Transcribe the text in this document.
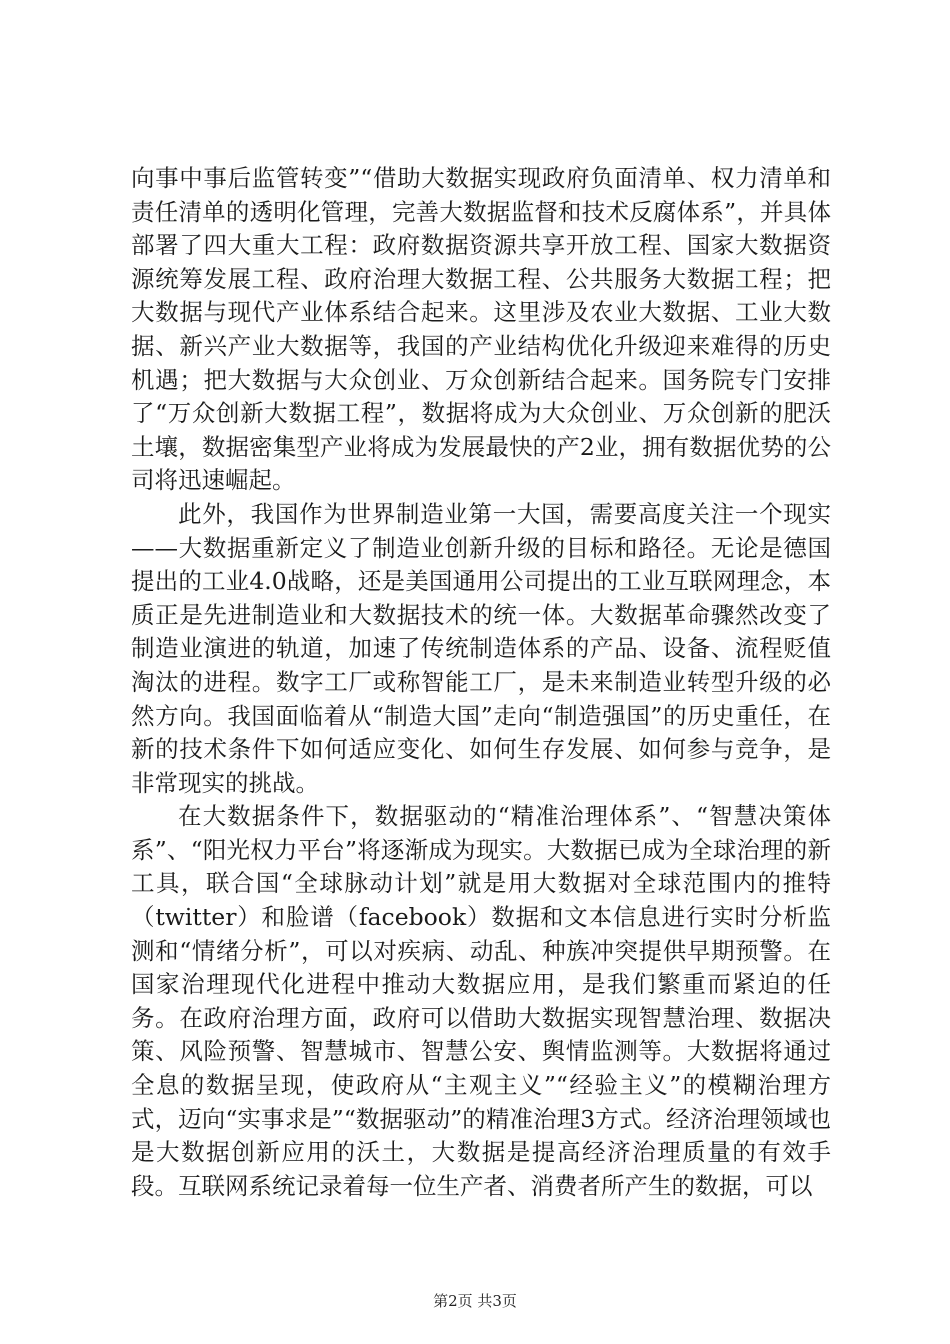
向事中事后监管转变”“借助大数据实现政府负面清单、权力清单和责任清单的透明化管理，完善大数据监督和技术反腐体系”，并具体部署了四大重大工程：政府数据资源共享开放工程、国家大数据资源统筹发展工程、政府治理大数据工程、公共服务大数据工程；把大数据与现代产业体系结合起来。这里涉及农业大数据、工业大数据、新兴产业大数据等，我国的产业结构优化升级迎来难得的历史机遇；把大数据与大众创业、万众创新结合起来。国务院专门安排了“万众创新大数据工程”，数据将成为大众创业、万众创新的肥沃土壤，数据密集型产业将成为发展最快的产2业，拥有数据优势的公司将迅速崛起。

此外，我国作为世界制造业第一大国，需要高度关注一个现实——大数据重新定义了制造业创新升级的目标和路径。无论是德国提出的工业4.0战略，还是美国通用公司提出的工业互联网理念，本质正是先进制造业和大数据技术的统一体。大数据革命骤然改变了制造业演进的轨道，加速了传统制造体系的产品、设备、流程贬值淘汰的进程。数字工厂或称智能工厂，是未来制造业转型升级的必然方向。我国面临着从“制造大国”走向“制造强国”的历史重任，在新的技术条件下如何适应变化、如何生存发展、如何参与竞争，是非常现实的挑战。

在大数据条件下，数据驱动的“精准治理体系”、“智慧决策体系”、“阳光权力平台”将逐渐成为现实。大数据已成为全球治理的新工具，联合国“全球脉动计划”就是用大数据对全球范围内的推特（twitter）和脸谱（facebook）数据和文本信息进行实时分析监测和“情绪分析”，可以对疾病、动乱、种族冲突提供早期预警。在国家治理现代化进程中推动大数据应用，是我们繁重而紧迫的任务。在政府治理方面，政府可以借助大数据实现智慧治理、数据决策、风险预警、智慧城市、智慧公安、舆情监测等。大数据将通过全息的数据呈现，使政府从“主观主义”“经验主义”的模糊治理方式，迈向“实事求是”“数据驱动”的精准治理3方式。经济治理领域也是大数据创新应用的沃土，大数据是提高经济治理质量的有效手段。互联网系统记录着每一位生产者、消费者所产生的数据，可以

第2页 共3页
